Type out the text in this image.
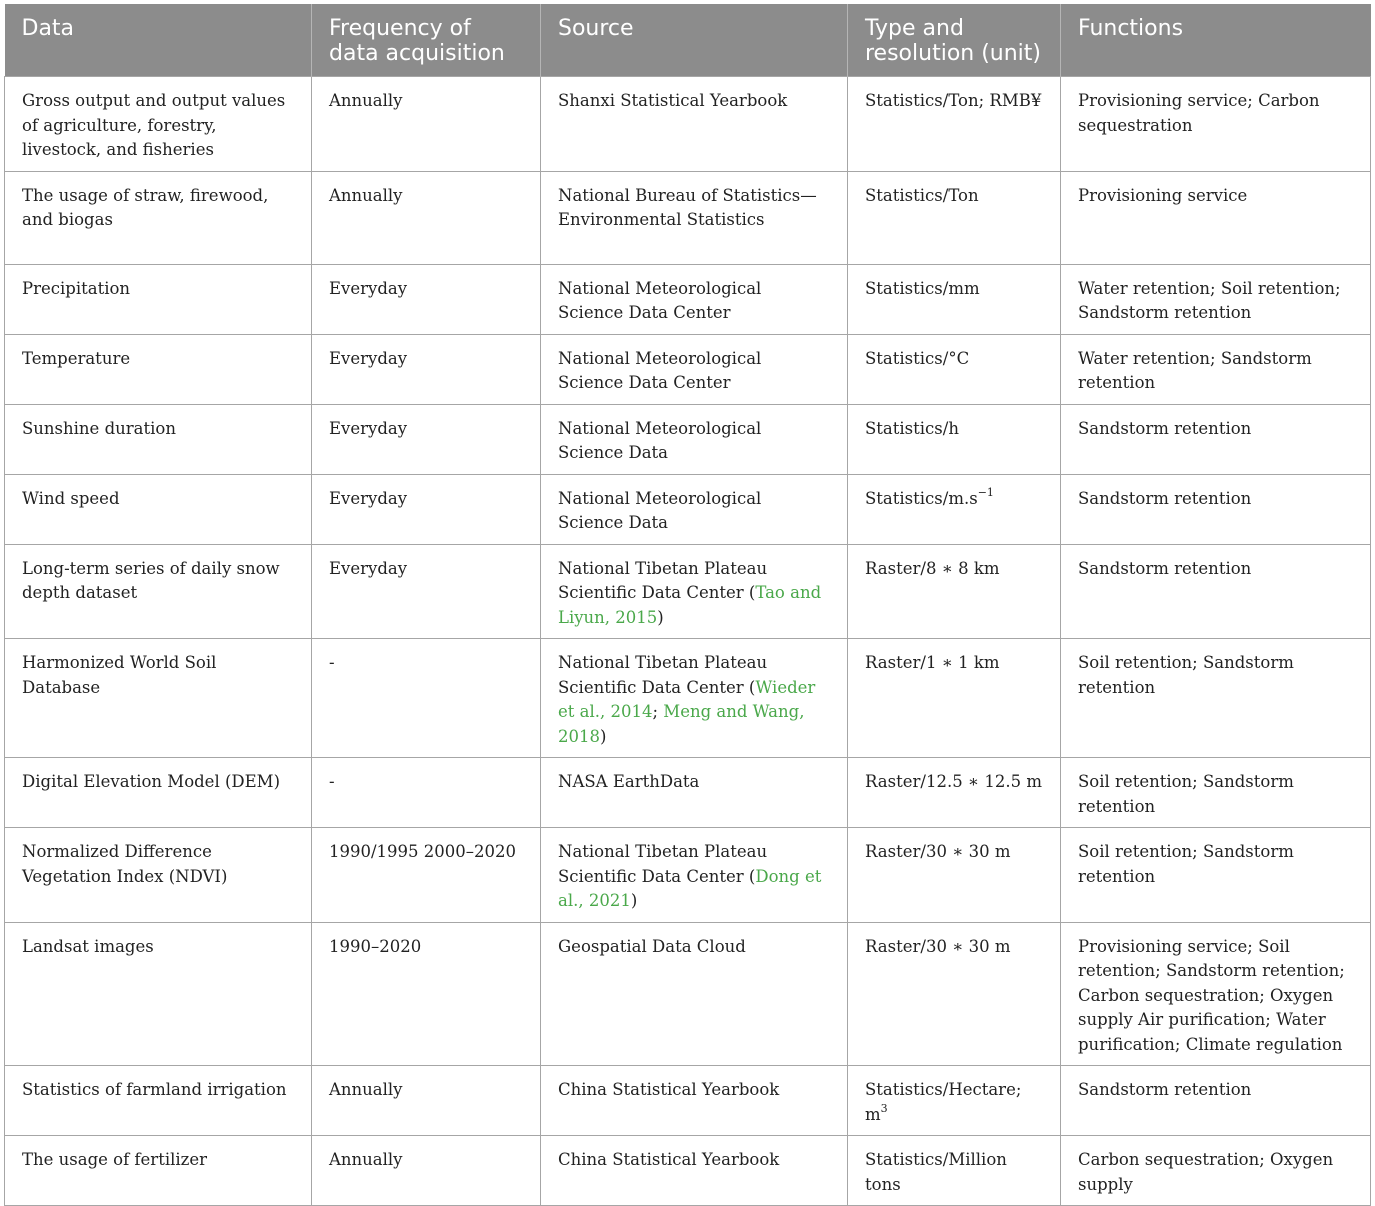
Data	Frequency of data acquisition	Source	Type and resolution (unit)	Functions
Gross output and output values of agriculture, forestry, livestock, and fisheries	Annually	Shanxi Statistical Yearbook	Statistics/Ton; RMB¥	Provisioning service; Carbon sequestration
The usage of straw, firewood, and biogas	Annually	National Bureau of Statistics—Environmental Statistics	Statistics/Ton	Provisioning service
Precipitation	Everyday	National Meteorological Science Data Center	Statistics/mm	Water retention; Soil retention; Sandstorm retention
Temperature	Everyday	National Meteorological Science Data Center	Statistics/°C	Water retention; Sandstorm retention
Sunshine duration	Everyday	National Meteorological Science Data	Statistics/h	Sandstorm retention
Wind speed	Everyday	National Meteorological Science Data	Statistics/$m.s^{-1}$	Sandstorm retention
Long-term series of daily snow depth dataset	Everyday	National Tibetan Plateau Scientific Data Center (Tao and Liyun, 2015)	Raster/8 ∗ 8 km	Sandstorm retention
Harmonized World Soil Database	-	National Tibetan Plateau Scientific Data Center (Wieder et al., 2014; Meng and Wang, 2018)	Raster/1 ∗ 1 km	Soil retention; Sandstorm retention
Digital Elevation Model (DEM)	-	NASA EarthData	Raster/12.5 ∗ 12.5 m	Soil retention; Sandstorm retention
Normalized Difference Vegetation Index (NDVI)	1990/1995 2000–2020	National Tibetan Plateau Scientific Data Center (Dong et al., 2021)	Raster/30 ∗ 30 m	Soil retention; Sandstorm retention
Landsat images	1990–2020	Geospatial Data Cloud	Raster/30 ∗ 30 m	Provisioning service; Soil retention; Sandstorm retention; Carbon sequestration; Oxygen supply Air purification; Water purification; Climate regulation
Statistics of farmland irrigation	Annually	China Statistical Yearbook	Statistics/Hectare; $m^3$	Sandstorm retention
The usage of fertilizer	Annually	China Statistical Yearbook	Statistics/Million tons	Carbon sequestration; Oxygen supply
